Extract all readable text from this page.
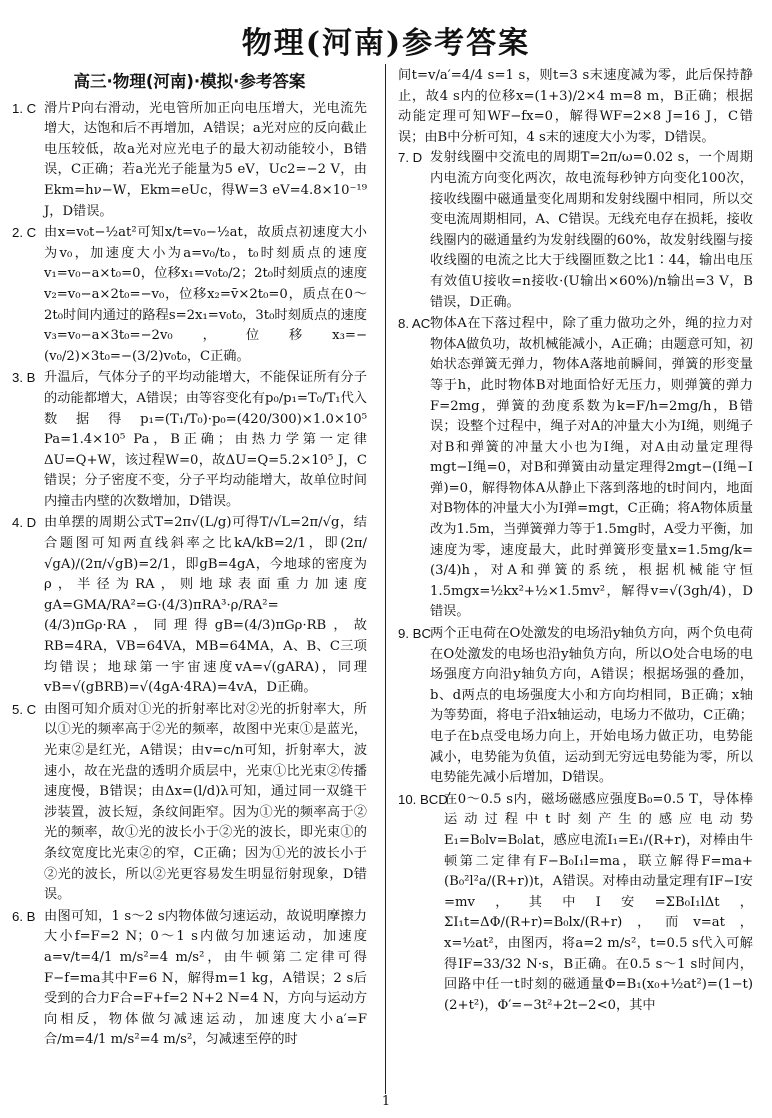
物理(河南)参考答案
高三·物理(河南)·模拟·参考答案
1. C 滑片P向右滑动，光电管所加正向电压增大，光电流先增大，达饱和后不再增加，A错误；a光对应的反向截止电压较低，故a光对应光电子的最大初动能较小，B错误，C正确；若a光光子能量为5 eV，Uc2=−2 V，由Ekm=hν−W，Ekm=eUc，得W=3 eV=4.8×10⁻¹⁹ J，D错误。
2. C 由x=v₀t−½at²可知x/t=v₀−½at，故质点初速度大小为v₀，加速度大小为a=v₀/t₀，t₀时刻质点的速度v₁=v₀−a×t₀=0，位移x₁=v₀t₀/2；2t₀时刻质点的速度v₂=v₀−a×2t₀=−v₀，位移x₂=v̄×2t₀=0，质点在0～2t₀时间内通过的路程s=2x₁=v₀t₀，3t₀时刻质点的速度v₃=v₀−a×3t₀=−2v₀，位移x₃=−(v₀/2)×3t₀=−(3/2)v₀t₀，C正确。
3. B 升温后，气体分子的平均动能增大，不能保证所有分子的动能都增大，A错误；由等容变化有p₀/p₁=T₀/T₁代入数据得p₁=(T₁/T₀)·p₀=(420/300)×1.0×10⁵ Pa=1.4×10⁵ Pa，B正确；由热力学第一定律ΔU=Q+W，该过程W=0，故ΔU=Q=5.2×10⁵ J，C错误；分子密度不变，分子平均动能增大，故单位时间内撞击内壁的次数增加，D错误。
4. D 由单摆的周期公式T=2π√(L/g)可得T/√L=2π/√g，结合题图可知两直线斜率之比kA/kB=2/1，即(2π/√gA)/(2π/√gB)=2/1，即gB=4gA，今地球的密度为ρ，半径为RA，则地球表面重力加速度gA=GMA/RA²=G·(4/3)πRA³·ρ/RA²=(4/3)πGρ·RA，同理得gB=(4/3)πGρ·RB，故RB=4RA，VB=64VA，MB=64MA，A、B、C三项均错误；地球第一宇宙速度vA=√(gARA)，同理vB=√(gBRB)=√(4gA·4RA)=4vA，D正确。
5. C 由图可知介质对①光的折射率比对②光的折射率大，所以①光的频率高于②光的频率，故图中光束①是蓝光，光束②是红光，A错误；由v=c/n可知，折射率大，波速小，故在光盘的透明介质层中，光束①比光束②传播速度慢，B错误；由Δx=(l/d)λ可知，通过同一双缝干涉装置，波长短，条纹间距窄。因为①光的频率高于②光的频率，故①光的波长小于②光的波长，即光束①的条纹宽度比光束②的窄，C正确；因为①光的波长小于②光的波长，所以②光更容易发生明显衍射现象，D错误。
6. B 由图可知，1 s～2 s内物体做匀速运动，故说明摩擦力大小f=F=2 N；0～1 s内做匀加速运动，加速度a=v/t=4/1 m/s²=4 m/s²，由牛顿第二定律可得F−f=ma其中F=6 N，解得m=1 kg，A错误；2 s后受到的合力F合=F+f=2 N+2 N=4 N，方向与运动方向相反，物体做匀减速运动，加速度大小a′=F合/m=4/1 m/s²=4 m/s²，匀减速至停的时
间t=v/a′=4/4 s=1 s，则t=3 s末速度减为零，此后保持静止，故4 s内的位移x=(1+3)/2×4 m=8 m，B正确；根据动能定理可知WF−fx=0，解得WF=2×8 J=16 J，C错误；由B中分析可知，4 s末的速度大小为零，D错误。
7. D 发射线圈中交流电的周期T=2π/ω=0.02 s，一个周期内电流方向变化两次，故电流每秒钟方向变化100次，接收线圈中磁通量变化周期和发射线圈中相同，所以交变电流周期相同，A、C错误。无线充电存在损耗，接收线圈内的磁通量约为发射线圈的60%，故发射线圈与接收线圈的电流之比大于线圈匝数之比1∶44，输出电压有效值U接收=n接收·(U输出×60%)/n输出=3 V，B错误，D正确。
8. AC 物体A在下落过程中，除了重力做功之外，绳的拉力对物体A做负功，故机械能减小，A正确；由题意可知，初始状态弹簧无弹力，物体A落地前瞬间，弹簧的形变量等于h，此时物体B对地面恰好无压力，则弹簧的弹力F=2mg，弹簧的劲度系数为k=F/h=2mg/h，B错误；设整个过程中，绳子对A的冲量大小为I绳，则绳子对B和弹簧的冲量大小也为I绳，对A由动量定理得mgt−I绳=0，对B和弹簧由动量定理得2mgt−(I绳−I弹)=0，解得物体A从静止下落到落地的t时间内，地面对B物体的冲量大小为I弹=mgt，C正确；将A物体质量改为1.5m，当弹簧弹力等于1.5mg时，A受力平衡，加速度为零，速度最大，此时弹簧形变量x=1.5mg/k=(3/4)h，对A和弹簧的系统，根据机械能守恒1.5mgx=½kx²+½×1.5mv²，解得v=√(3gh/4)，D错误。
9. BC 两个正电荷在O处激发的电场沿y轴负方向，两个负电荷在O处激发的电场也沿y轴负方向，所以O处合电场的电场强度方向沿y轴负方向，A错误；根据场强的叠加，b、d两点的电场强度大小和方向均相同，B正确；x轴为等势面，将电子沿x轴运动，电场力不做功，C正确；电子在b点受电场力向上，开始电场力做正功，电势能减小，电势能为负值，运动到无穷远电势能为零，所以电势能先减小后增加，D错误。
10. BCD
在0～0.5 s内，磁场磁感应强度B₀=0.5 T，导体棒运动过程中t时刻产生的感应电动势E₁=B₀lv=B₀lat，感应电流I₁=E₁/(R+r)，对棒由牛顿第二定律有F−B₀I₁l=ma，联立解得F=ma+(B₀²l²a/(R+r))t，A错误。对棒由动量定理有IF−I安=mv，其中I安=ΣB₀I₁lΔt，ΣI₁t=ΔΦ/(R+r)=B₀lx/(R+r)，而v=at，x=½at²，由图丙，将a=2 m/s²，t=0.5 s代入可解得IF=33/32 N·s，B正确。在0.5 s～1 s时间内，回路中任一t时刻的磁通量Φ=B₁(x₀+½at²)=(1−t)(2+t²)，Φ′=−3t²+2t−2<0，其中
1
